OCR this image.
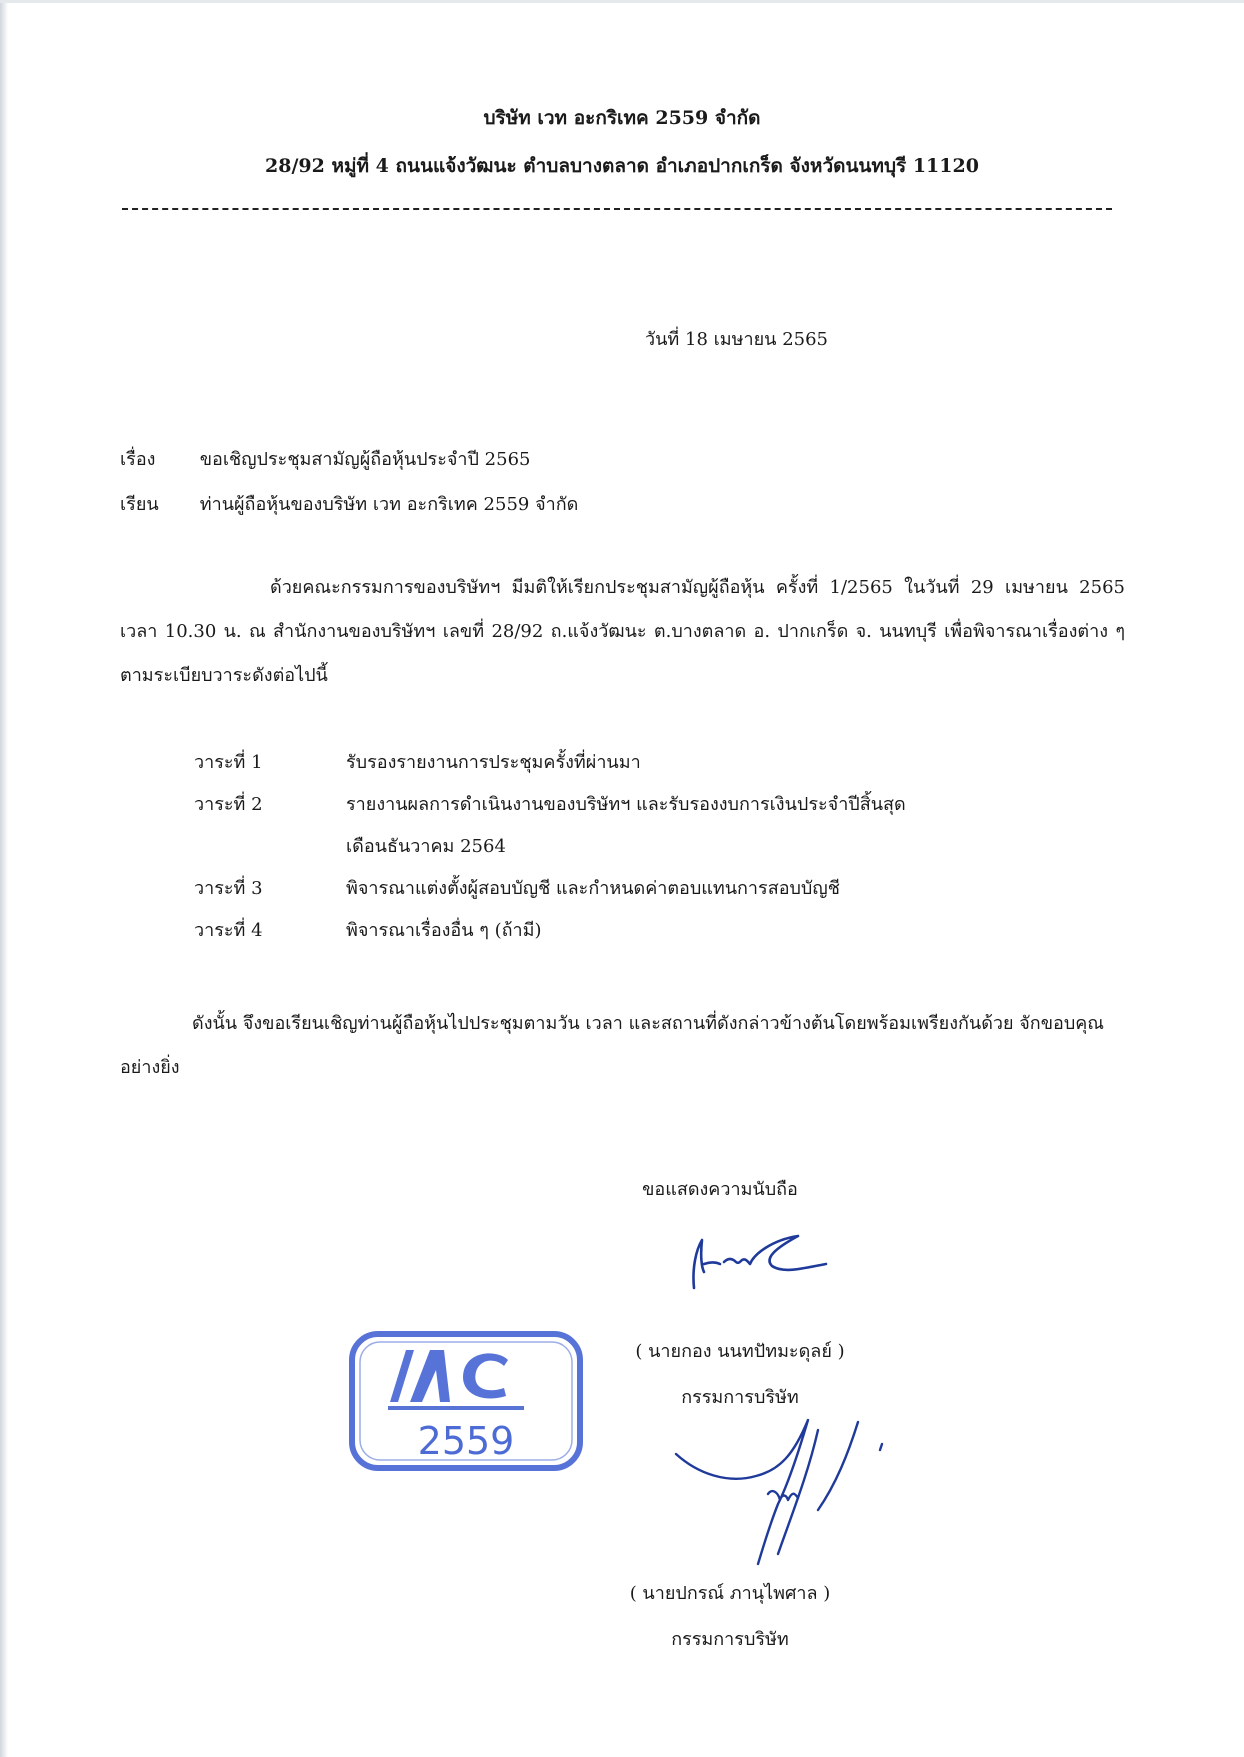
บริษัท เวท อะกริเทค 2559 จำกัด
28/92 หมู่ที่ 4 ถนนแจ้งวัฒนะ ตำบลบางตลาด อำเภอปากเกร็ด จังหวัดนนทบุรี 11120
วันที่ 18 เมษายน 2565
เรื่อง ขอเชิญประชุมสามัญผู้ถือหุ้นประจำปี 2565
เรียน ท่านผู้ถือหุ้นของบริษัท เวท อะกริเทค 2559 จำกัด
ด้วยคณะกรรมการของบริษัทฯ มีมติให้เรียกประชุมสามัญผู้ถือหุ้น ครั้งที่ 1/2565 ในวันที่ 29 เมษายน 2565 เวลา 10.30 น. ณ สำนักงานของบริษัทฯ เลขที่ 28/92 ถ.แจ้งวัฒนะ ต.บางตลาด อ. ปากเกร็ด จ. นนทบุรี เพื่อพิจารณาเรื่องต่าง ๆ ตามระเบียบวาระดังต่อไปนี้
วาระที่ 1	รับรองรายงานการประชุมครั้งที่ผ่านมา
วาระที่ 2	รายงานผลการดำเนินงานของบริษัทฯ และรับรองงบการเงินประจำปีสิ้นสุด
เดือนธันวาคม 2564
วาระที่ 3	พิจารณาแต่งตั้งผู้สอบบัญชี และกำหนดค่าตอบแทนการสอบบัญชี
วาระที่ 4	พิจารณาเรื่องอื่น ๆ (ถ้ามี)
ดังนั้น จึงขอเรียนเชิญท่านผู้ถือหุ้นไปประชุมตามวัน เวลา และสถานที่ดังกล่าวข้างต้นโดยพร้อมเพรียงกันด้วย จักขอบคุณอย่างยิ่ง
ขอแสดงความนับถือ
( นายกอง นนทปัทมะดุลย์ )
กรรมการบริษัท
2559
( นายปกรณ์ ภานุไพศาล )
กรรมการบริษัท
